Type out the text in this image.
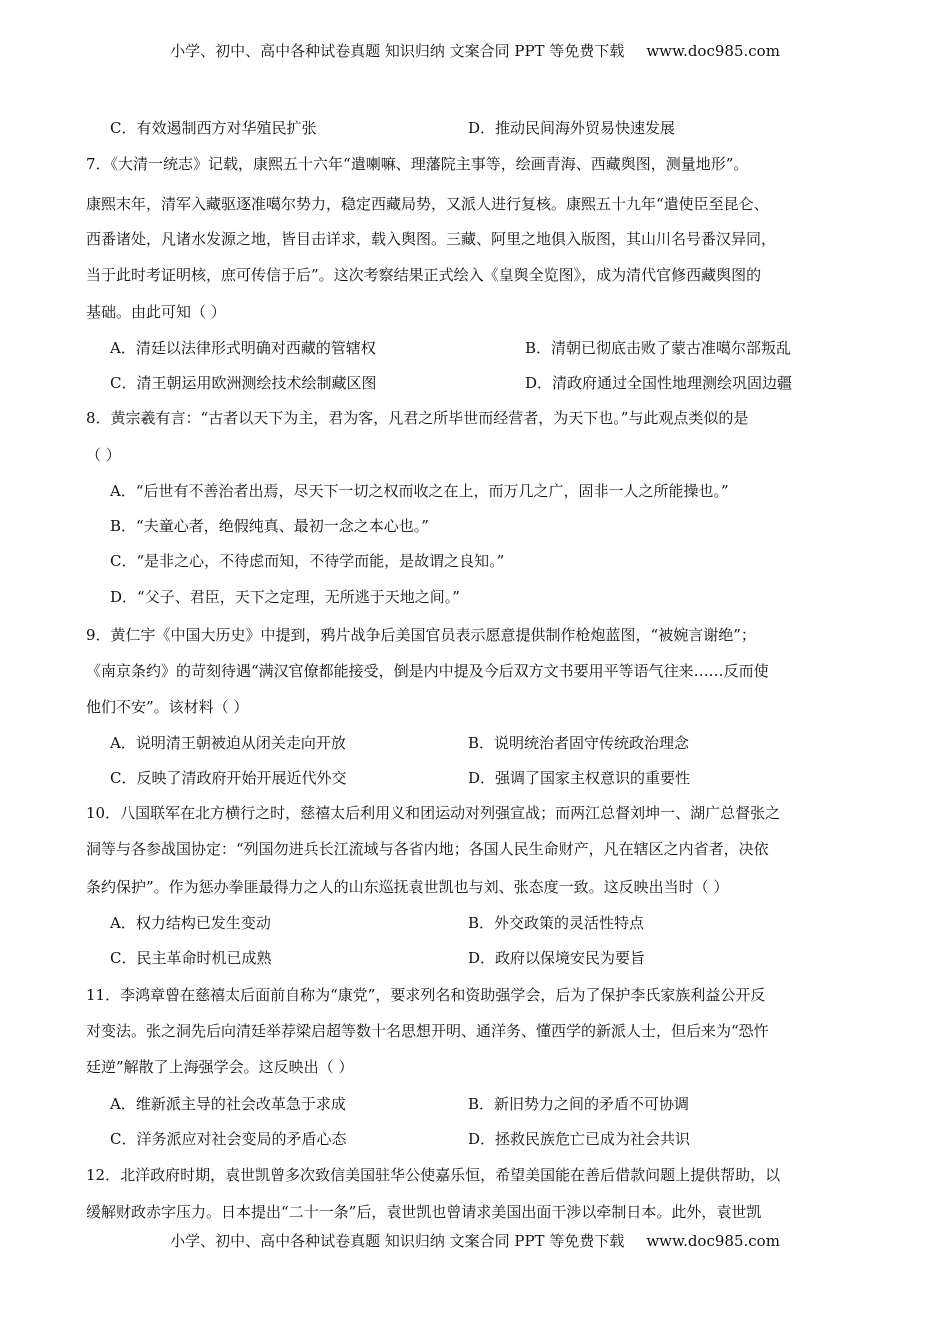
小学、初中、高中各种试卷真题 知识归纳 文案合同 PPT 等免费下载 www.doc985.com
C．有效遏制西方对华殖民扩张	D．推动民间海外贸易快速发展
7．《大清一统志》记载，康熙五十六年“遣喇嘛、理藩院主事等，绘画青海、西藏舆图，测量地形”。
康熙末年，清军入藏驱逐准噶尔势力，稳定西藏局势，又派人进行复核。康熙五十九年“遣使臣至昆仑、
西番诸处，凡诸水发源之地，皆目击详求，载入舆图。三藏、阿里之地俱入版图，其山川名号番汉异同，
当于此时考证明核，庶可传信于后”。这次考察结果正式绘入《皇舆全览图》，成为清代官修西藏舆图的
基础。由此可知（ ）
A．清廷以法律形式明确对西藏的管辖权	B．清朝已彻底击败了蒙古准噶尔部叛乱
C．清王朝运用欧洲测绘技术绘制藏区图	D．清政府通过全国性地理测绘巩固边疆
8．黄宗羲有言：“古者以天下为主，君为客，凡君之所毕世而经营者，为天下也。”与此观点类似的是
（ ）
A．“后世有不善治者出焉，尽天下一切之权而收之在上，而万几之广，固非一人之所能操也。”
B．“夫童心者，绝假纯真、最初一念之本心也。”
C．“是非之心，不待虑而知，不待学而能，是故谓之良知。”
D．“父子、君臣，天下之定理，无所逃于天地之间。”
9．黄仁宇《中国大历史》中提到，鸦片战争后美国官员表示愿意提供制作枪炮蓝图，“被婉言谢绝”；
《南京条约》的苛刻待遇“满汉官僚都能接受，倒是内中提及今后双方文书要用平等语气往来……反而使
他们不安”。该材料（ ）
A．说明清王朝被迫从闭关走向开放	B．说明统治者固守传统政治理念
C．反映了清政府开始开展近代外交	D．强调了国家主权意识的重要性
10．八国联军在北方横行之时，慈禧太后利用义和团运动对列强宣战；而两江总督刘坤一、湖广总督张之
洞等与各参战国协定：“列国勿进兵长江流域与各省内地；各国人民生命财产，凡在辖区之内省者，决依
条约保护”。作为惩办拳匪最得力之人的山东巡抚袁世凯也与刘、张态度一致。这反映出当时（ ）
A．权力结构已发生变动	B．外交政策的灵活性特点
C．民主革命时机已成熟	D．政府以保境安民为要旨
11．李鸿章曾在慈禧太后面前自称为“康党”，要求列名和资助强学会，后为了保护李氏家族利益公开反
对变法。张之洞先后向清廷举荐梁启超等数十名思想开明、通洋务、懂西学的新派人士，但后来为“恐忤
廷逆”解散了上海强学会。这反映出（ ）
A．维新派主导的社会改革急于求成	B．新旧势力之间的矛盾不可协调
C．洋务派应对社会变局的矛盾心态	D．拯救民族危亡已成为社会共识
12．北洋政府时期，袁世凯曾多次致信美国驻华公使嘉乐恒，希望美国能在善后借款问题上提供帮助，以
缓解财政赤字压力。日本提出“二十一条”后，袁世凯也曾请求美国出面干涉以牵制日本。此外，袁世凯
小学、初中、高中各种试卷真题 知识归纳 文案合同 PPT 等免费下载 www.doc985.com
